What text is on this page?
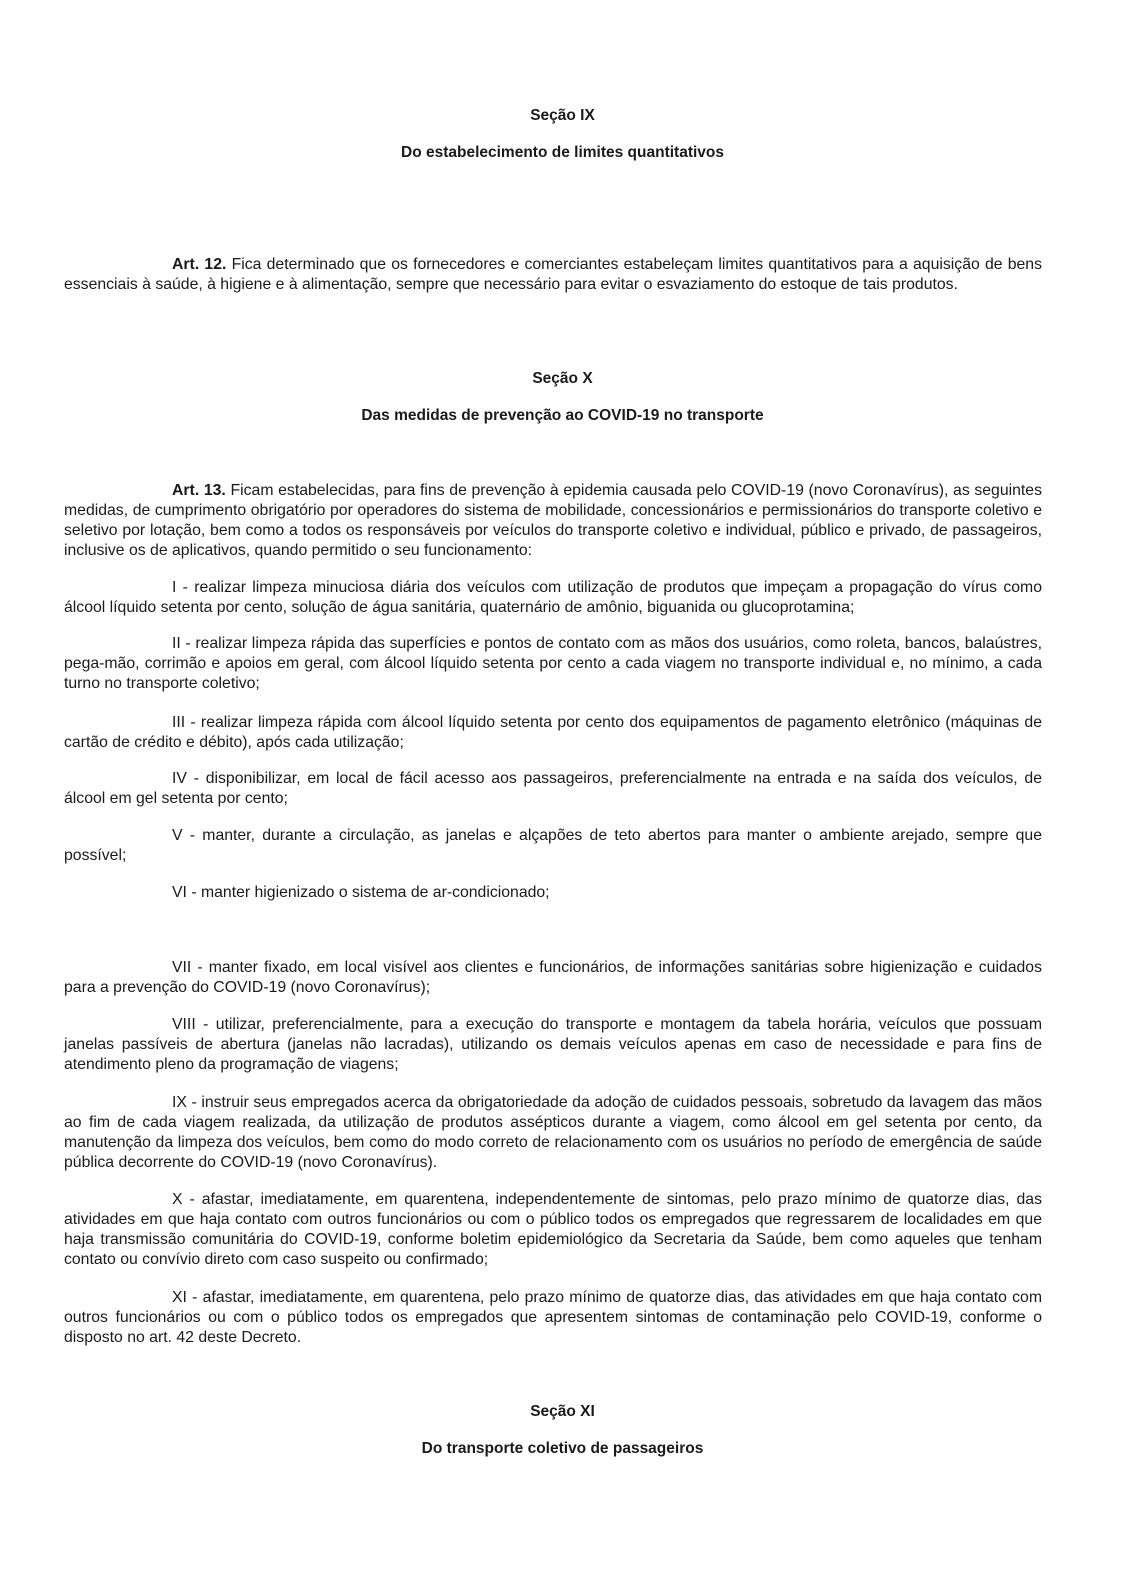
Seção IX

Do estabelecimento de limites quantitativos

Art. 12. Fica determinado que os fornecedores e comerciantes estabeleçam limites quantitativos para a aquisição de bens essenciais à saúde, à higiene e à alimentação, sempre que necessário para evitar o esvaziamento do estoque de tais produtos.

Seção X

Das medidas de prevenção ao COVID-19 no transporte

Art. 13. Ficam estabelecidas, para fins de prevenção à epidemia causada pelo COVID-19 (novo Coronavírus), as seguintes medidas, de cumprimento obrigatório por operadores do sistema de mobilidade, concessionários e permissionários do transporte coletivo e seletivo por lotação, bem como a todos os responsáveis por veículos do transporte coletivo e individual, público e privado, de passageiros, inclusive os de aplicativos, quando permitido o seu funcionamento:

I - realizar limpeza minuciosa diária dos veículos com utilização de produtos que impeçam a propagação do vírus como álcool líquido setenta por cento, solução de água sanitária, quaternário de amônio, biguanida ou glucoprotamina;

II - realizar limpeza rápida das superfícies e pontos de contato com as mãos dos usuários, como roleta, bancos, balaústres, pega-mão, corrimão e apoios em geral, com álcool líquido setenta por cento a cada viagem no transporte individual e, no mínimo, a cada turno no transporte coletivo;

III - realizar limpeza rápida com álcool líquido setenta por cento dos equipamentos de pagamento eletrônico (máquinas de cartão de crédito e débito), após cada utilização;

IV - disponibilizar, em local de fácil acesso aos passageiros, preferencialmente na entrada e na saída dos veículos, de álcool em gel setenta por cento;

V - manter, durante a circulação, as janelas e alçapões de teto abertos para manter o ambiente arejado, sempre que possível;

VI - manter higienizado o sistema de ar-condicionado;

VII - manter fixado, em local visível aos clientes e funcionários, de informações sanitárias sobre higienização e cuidados para a prevenção do COVID-19 (novo Coronavírus);

VIII - utilizar, preferencialmente, para a execução do transporte e montagem da tabela horária, veículos que possuam janelas passíveis de abertura (janelas não lacradas), utilizando os demais veículos apenas em caso de necessidade e para fins de atendimento pleno da programação de viagens;

IX - instruir seus empregados acerca da obrigatoriedade da adoção de cuidados pessoais, sobretudo da lavagem das mãos ao fim de cada viagem realizada, da utilização de produtos assépticos durante a viagem, como álcool em gel setenta por cento, da manutenção da limpeza dos veículos, bem como do modo correto de relacionamento com os usuários no período de emergência de saúde pública decorrente do COVID-19 (novo Coronavírus).

X - afastar, imediatamente, em quarentena, independentemente de sintomas, pelo prazo mínimo de quatorze dias, das atividades em que haja contato com outros funcionários ou com o público todos os empregados que regressarem de localidades em que haja transmissão comunitária do COVID-19, conforme boletim epidemiológico da Secretaria da Saúde, bem como aqueles que tenham contato ou convívio direto com caso suspeito ou confirmado;

XI - afastar, imediatamente, em quarentena, pelo prazo mínimo de quatorze dias, das atividades em que haja contato com outros funcionários ou com o público todos os empregados que apresentem sintomas de contaminação pelo COVID-19, conforme o disposto no art. 42 deste Decreto.

Seção XI

Do transporte coletivo de passageiros
